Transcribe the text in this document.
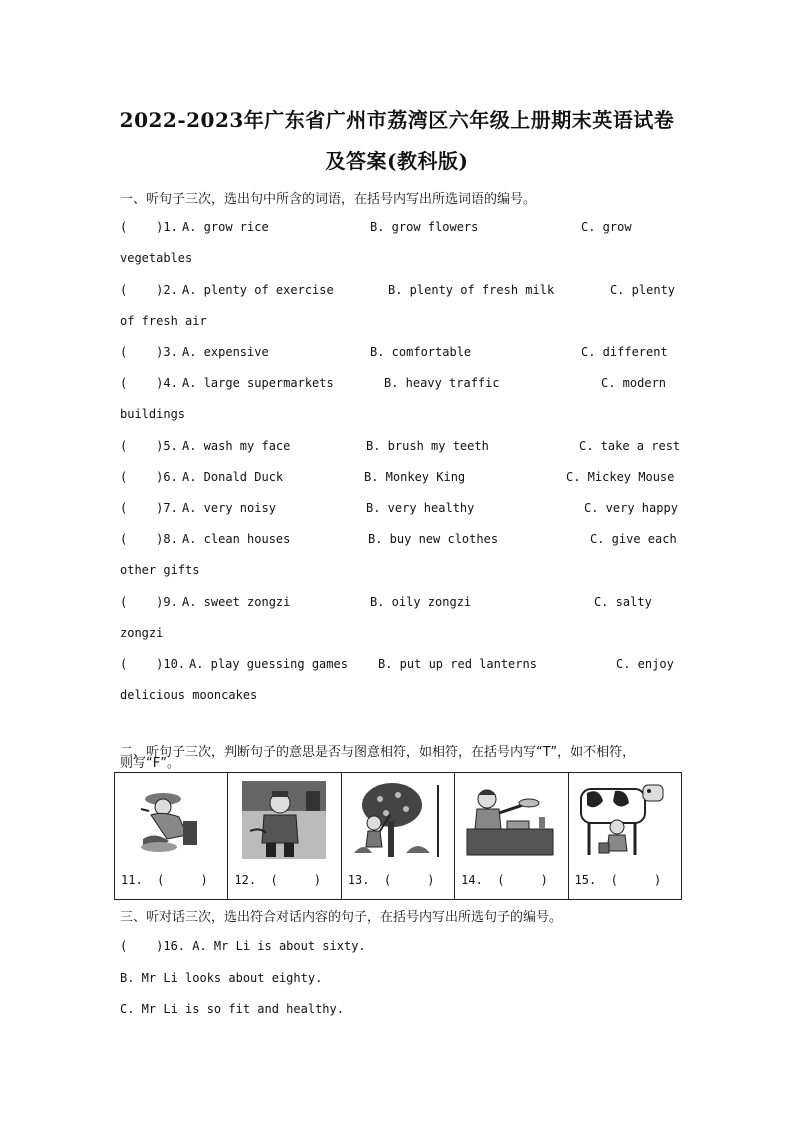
2022-2023年广东省广州市荔湾区六年级上册期末英语试卷
及答案(教科版)
一、听句子三次，选出句中所含的词语，在括号内写出所选词语的编号。
(    )1. A. grow rice	B. grow flowers	C. grow
vegetables
(    )2. A. plenty of exercise	B. plenty of fresh milk	C. plenty
of fresh air
(    )3. A. expensive	B. comfortable	C. different
(    )4. A. large supermarkets	B. heavy traffic	C. modern
buildings
(    )5. A. wash my face	B. brush my teeth	C. take a rest
(    )6. A. Donald Duck	B. Monkey King	C. Mickey Mouse
(    )7. A. very noisy	B. very healthy	C. very happy
(    )8. A. clean houses	B. buy new clothes	C. give each
other gifts
(    )9. A. sweet zongzi	B. oily zongzi	C. salty
zongzi
(    )10. A. play guessing games	B. put up red lanterns	C. enjoy
delicious mooncakes
二、听句子三次，判断句子的意思是否与图意相符，如相符，在括号内写“T”，如不相符，
则写“F”。
11.  (     )	12.  (     )	13.  (     )	14.  (     )	15.  (     )
三、听对话三次，选出符合对话内容的句子，在括号内写出所选句子的编号。
(    )16. A. Mr Li is about sixty.
B. Mr Li looks about eighty.
C. Mr Li is so fit and healthy.
